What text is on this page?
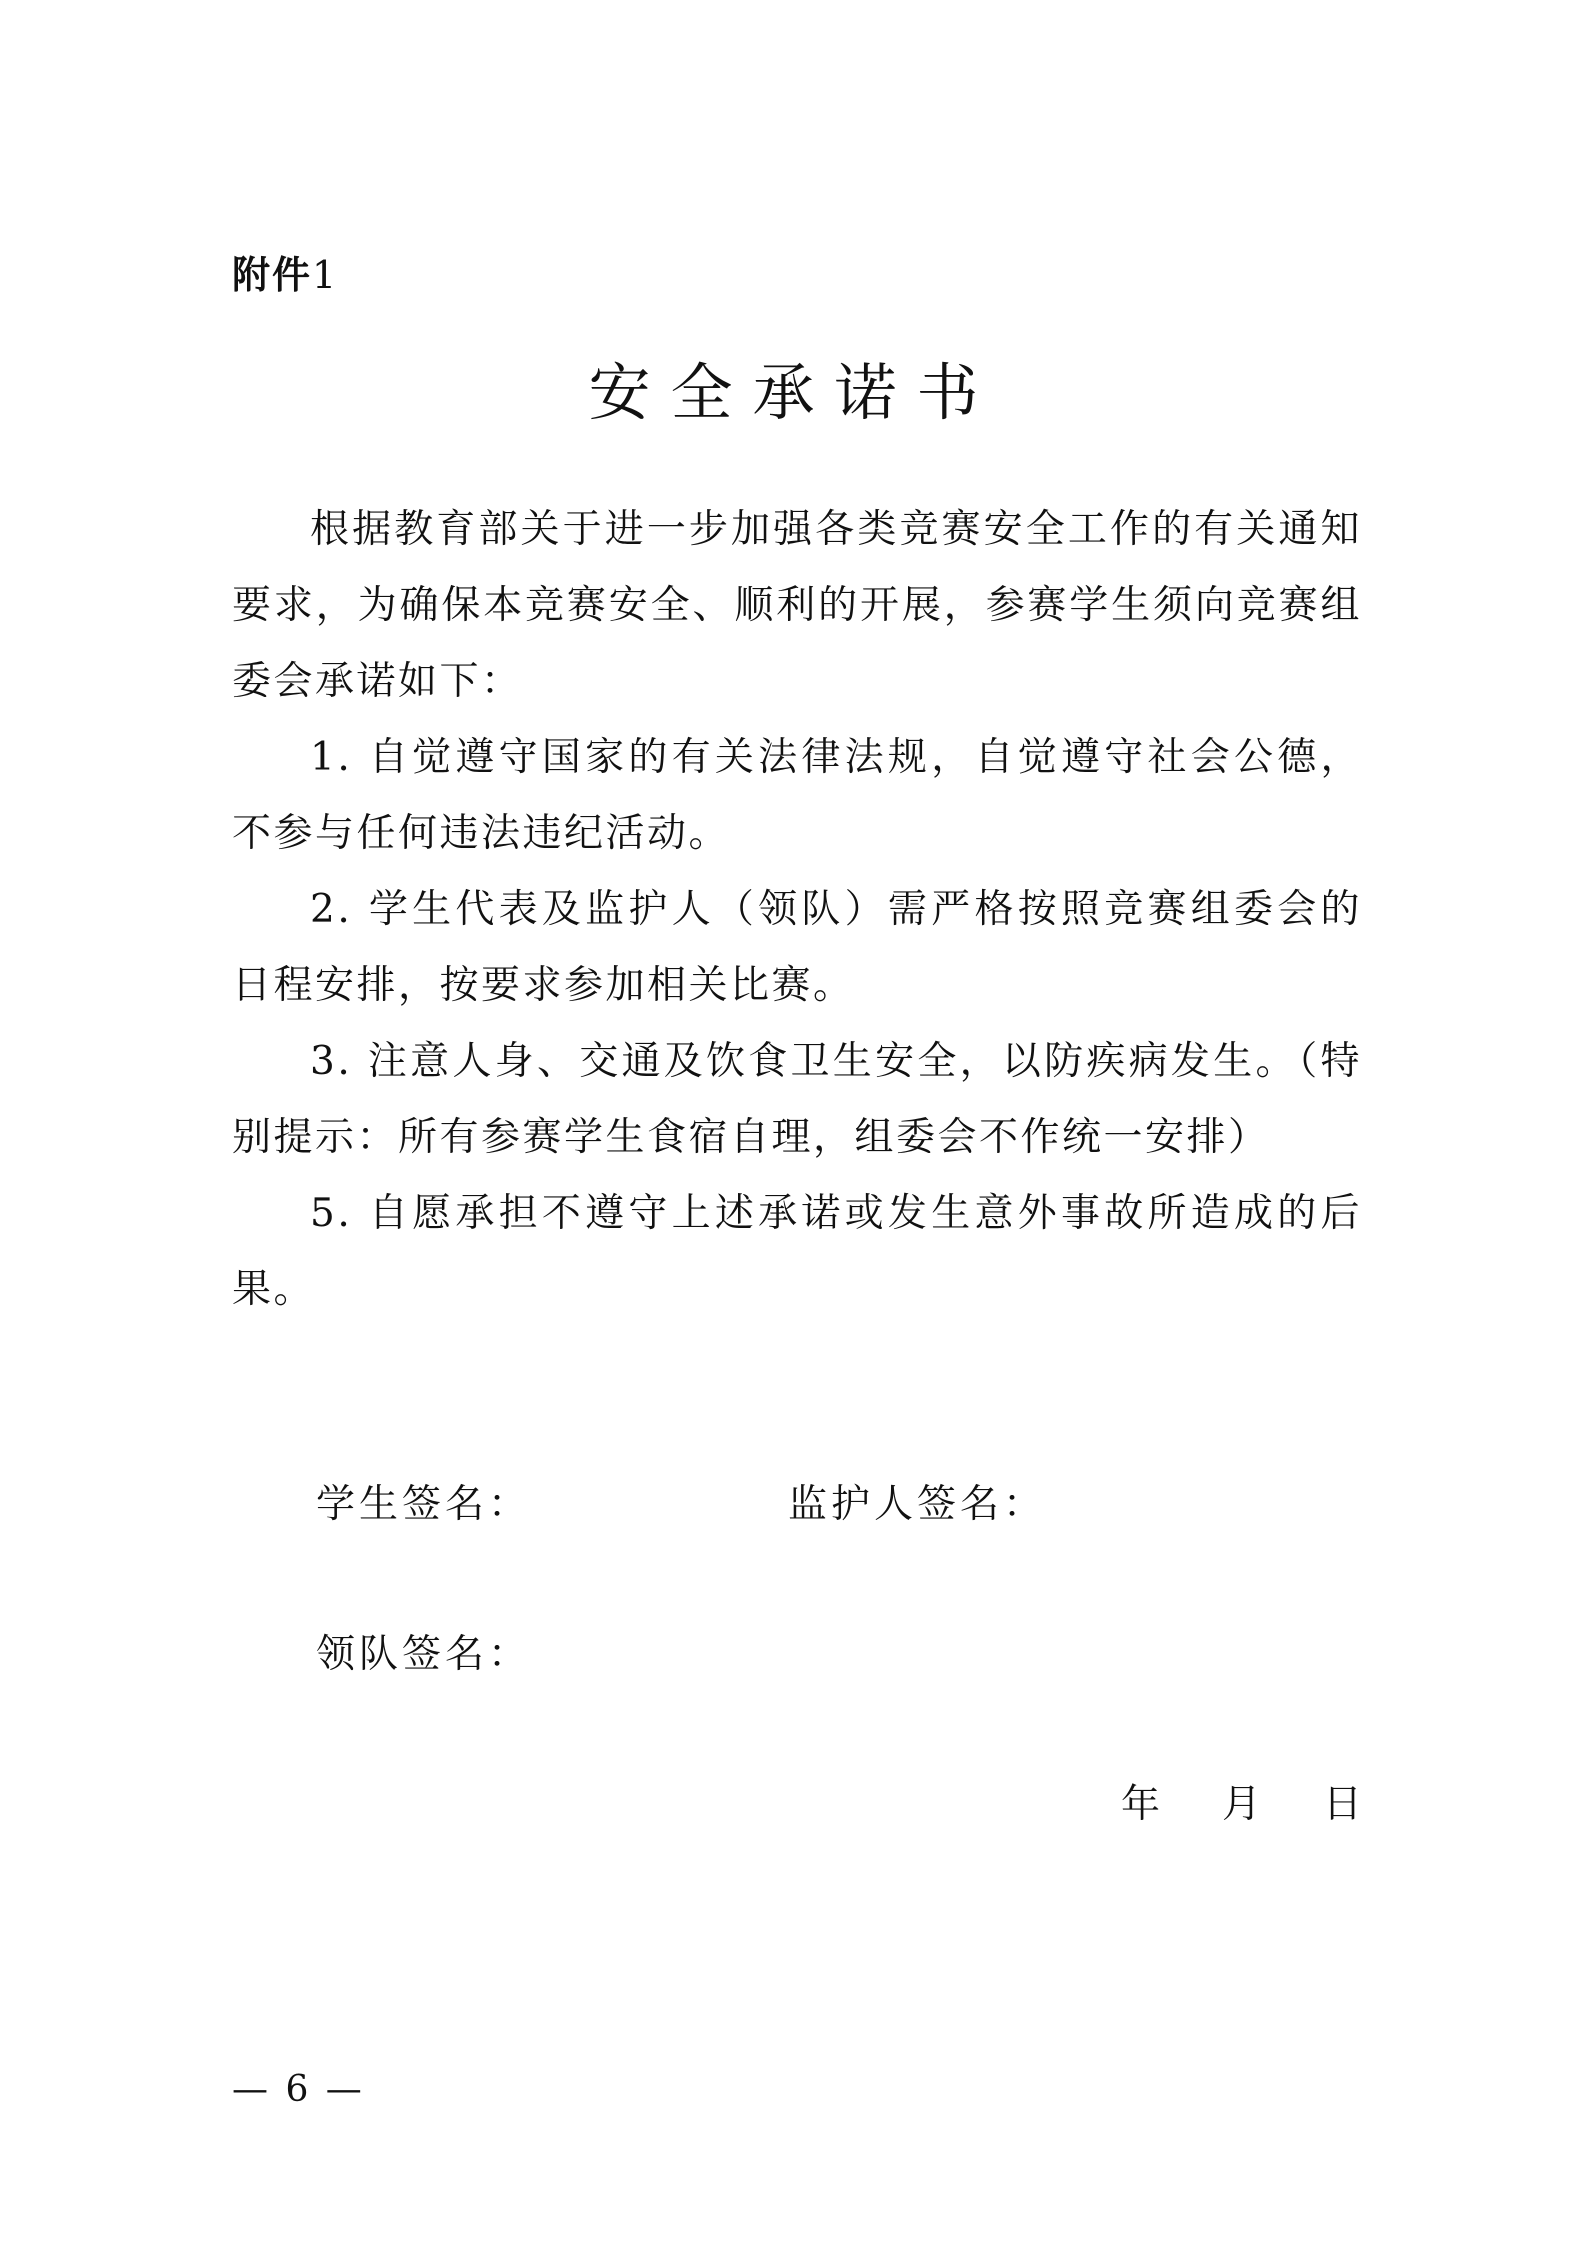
附件1
安全承诺书

根据教育部关于进一步加强各类竞赛安全工作的有关通知要求，为确保本竞赛安全、顺利的开展，参赛学生须向竞赛组委会承诺如下：

1. 自觉遵守国家的有关法律法规，自觉遵守社会公德，不参与任何违法违纪活动。

2. 学生代表及监护人（领队）需严格按照竞赛组委会的日程安排，按要求参加相关比赛。

3. 注意人身、交通及饮食卫生安全，以防疾病发生。（特别提示：所有参赛学生食宿自理，组委会不作统一安排）

5. 自愿承担不遵守上述承诺或发生意外事故所造成的后果。

学生签名：	监护人签名：
领队签名：
年 月 日
— 6 —
